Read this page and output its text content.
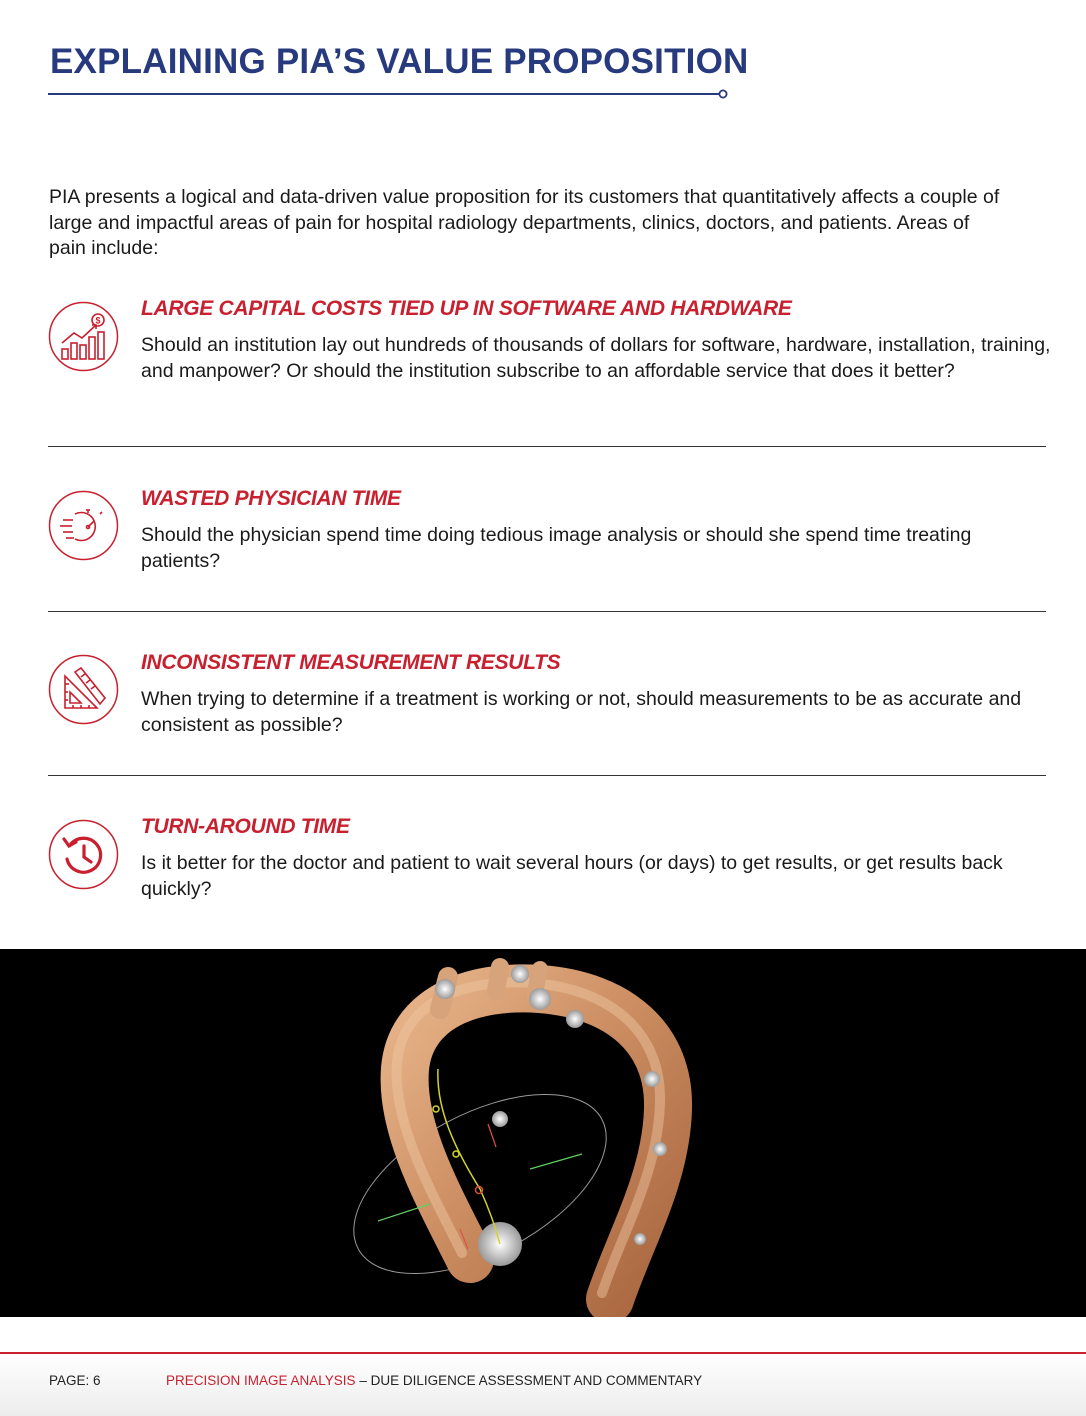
EXPLAINING PIA’S VALUE PROPOSITION

PIA presents a logical and data-driven value proposition for its customers that quantitatively affects a couple of large and impactful areas of pain for hospital radiology departments, clinics, doctors, and patients. Areas of pain include:

$
LARGE CAPITAL COSTS TIED UP IN SOFTWARE AND HARDWARE

Should an institution lay out hundreds of thousands of dollars for software, hardware, installation, training, and manpower? Or should the institution subscribe to an affordable service that does it better?

WASTED PHYSICIAN TIME

Should the physician spend time doing tedious image analysis or should she spend time treating patients?

INCONSISTENT MEASUREMENT RESULTS

When trying to determine if a treatment is working or not, should measurements to be as accurate and consistent as possible?

TURN-AROUND TIME

Is it better for the doctor and patient to wait several hours (or days) to get results, or get results back quickly?

PAGE: 6	PRECISION IMAGE ANALYSIS – DUE DILIGENCE ASSESSMENT AND COMMENTARY
